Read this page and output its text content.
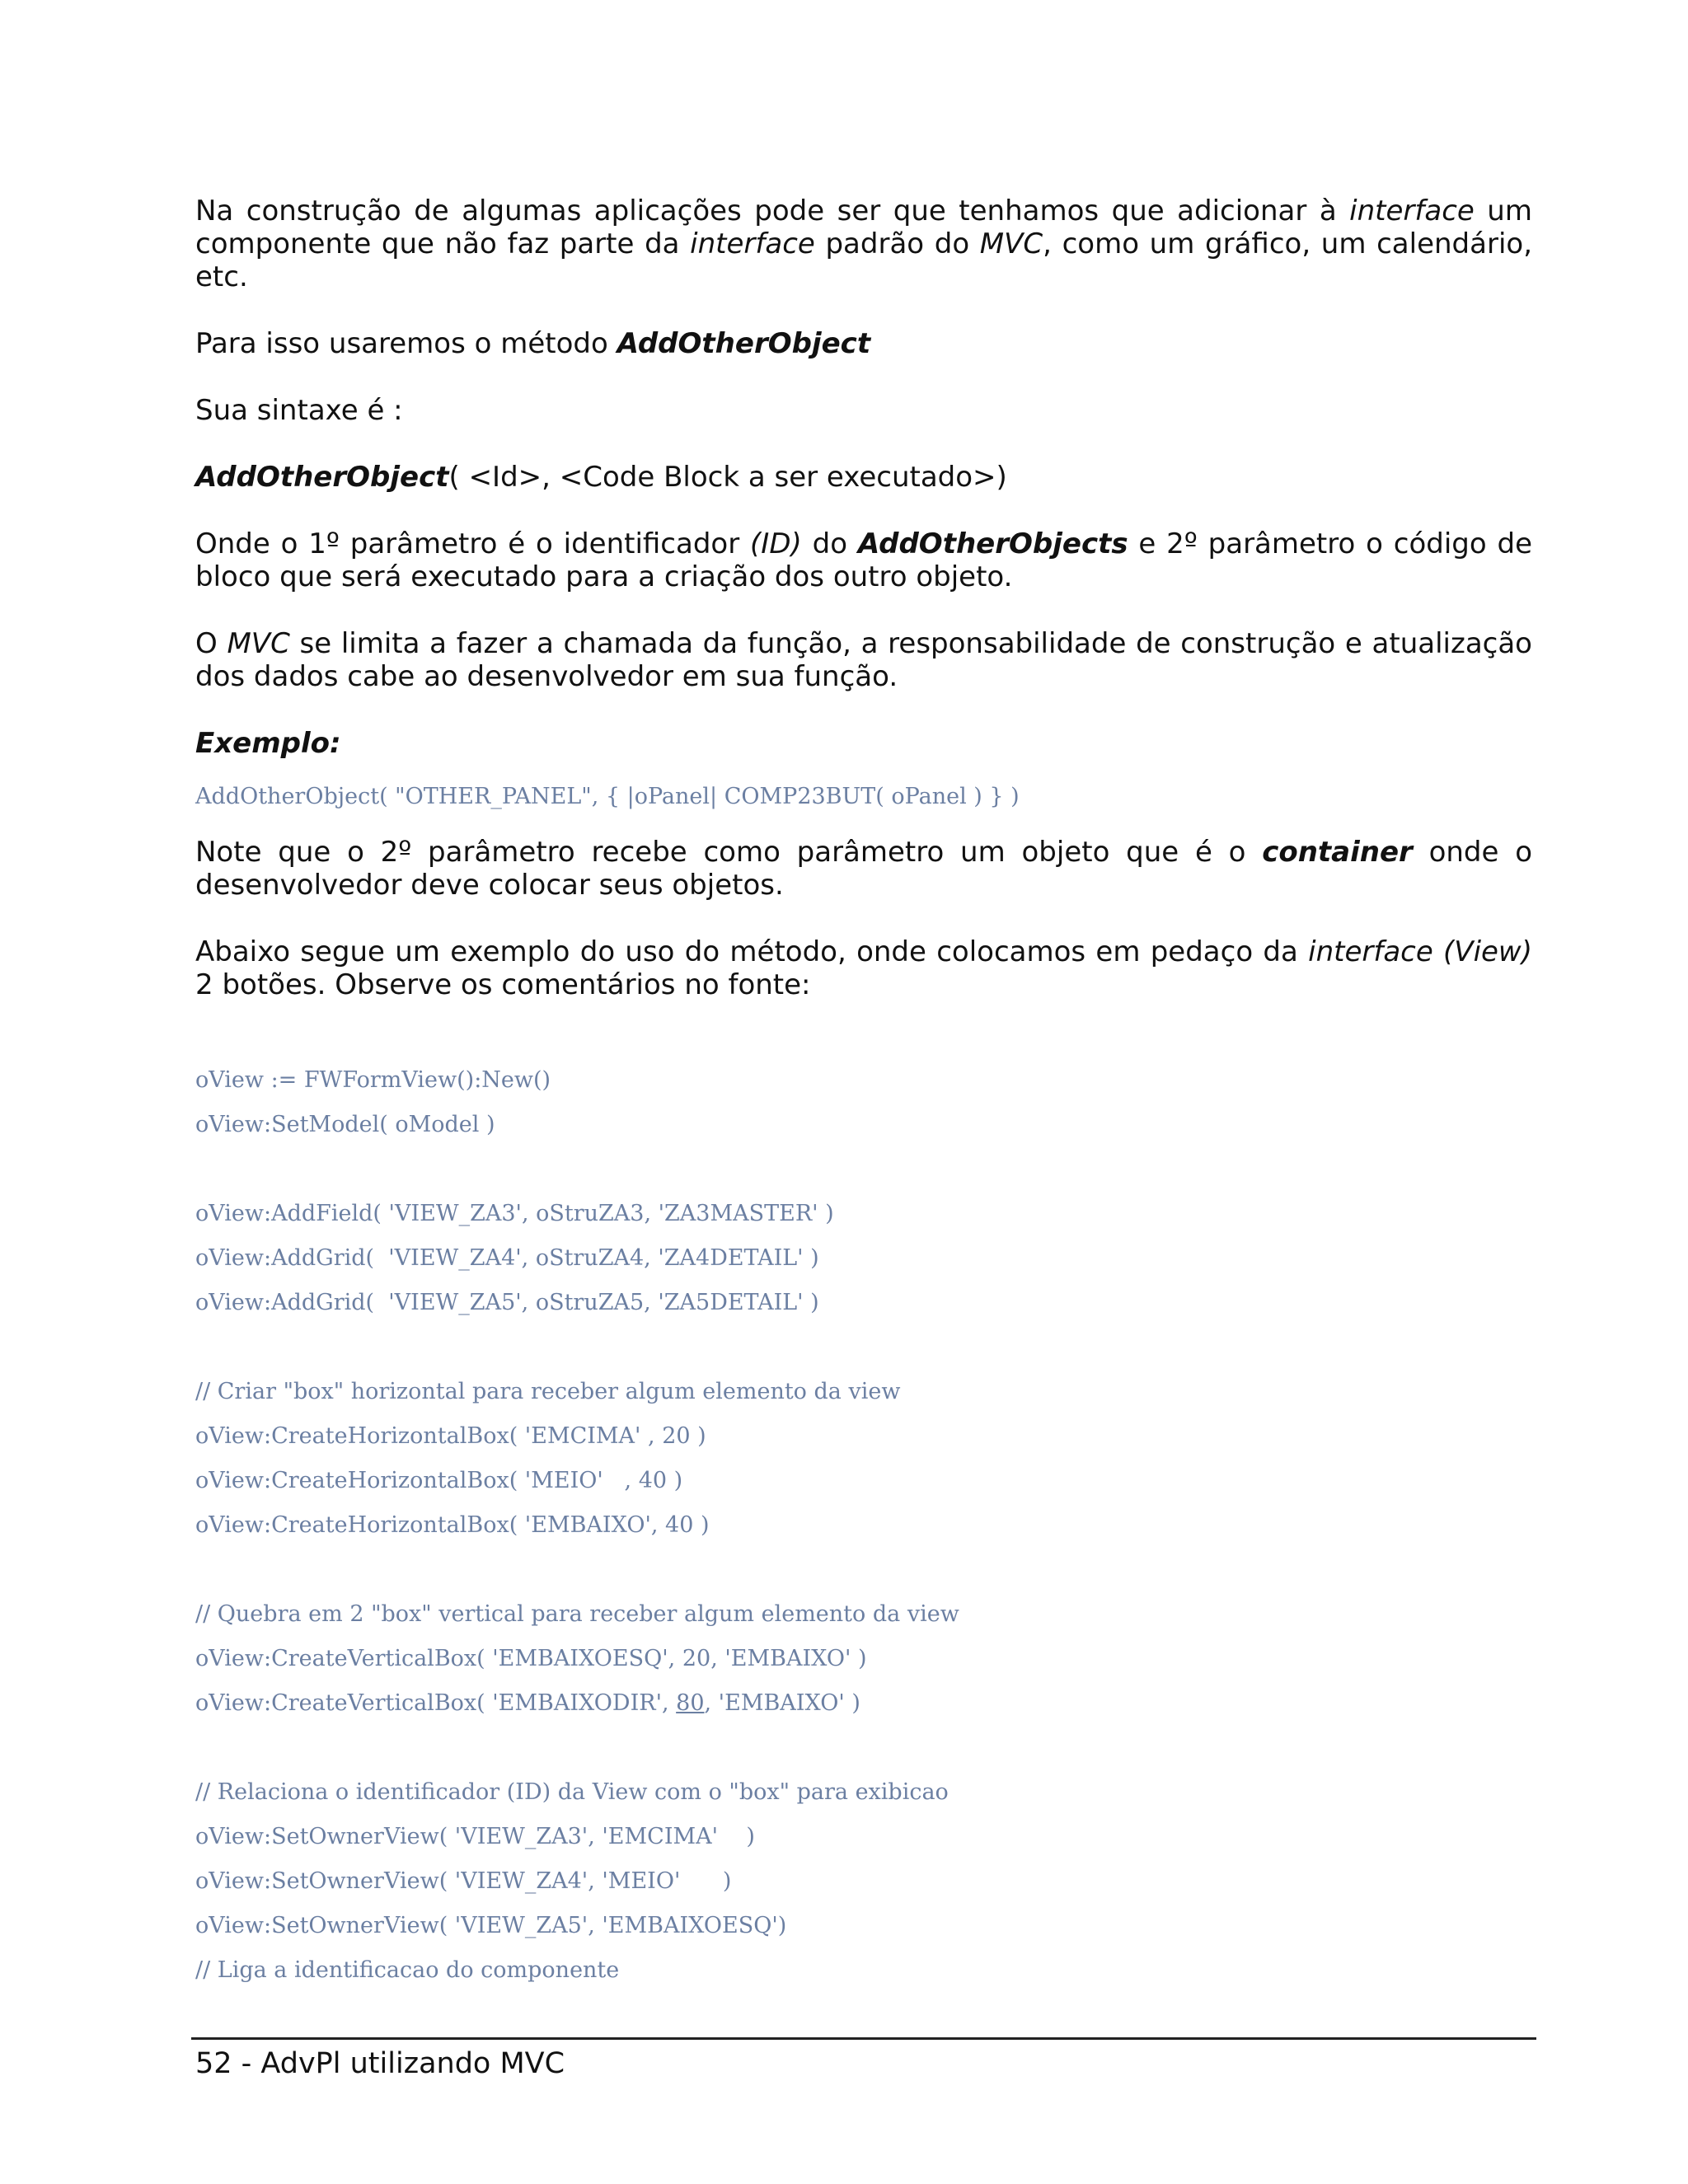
Na construção de algumas aplicações pode ser que tenhamos que adicionar à interface um componente que não faz parte da interface padrão do MVC, como um gráfico, um calendário, etc.

Para isso usaremos o método AddOtherObject

Sua sintaxe é :

AddOtherObject( <Id>, <Code Block a ser executado>)

Onde o 1º parâmetro é o identificador (ID) do AddOtherObjects e 2º parâmetro o código de bloco que será executado para a criação dos outro objeto.

O MVC se limita a fazer a chamada da função, a responsabilidade de construção e atualização dos dados cabe ao desenvolvedor em sua função.

Exemplo:

AddOtherObject( "OTHER_PANEL", { |oPanel| COMP23BUT( oPanel ) } )

Note que o 2º parâmetro recebe como parâmetro um objeto que é o container onde o desenvolvedor deve colocar seus objetos.

Abaixo segue um exemplo do uso do método, onde colocamos em pedaço da interface (View) 2 botões. Observe os comentários no fonte:

oView := FWFormView():New()
oView:SetModel( oModel )
oView:AddField( 'VIEW_ZA3', oStruZA3, 'ZA3MASTER' )
oView:AddGrid(  'VIEW_ZA4', oStruZA4, 'ZA4DETAIL' )
oView:AddGrid(  'VIEW_ZA5', oStruZA5, 'ZA5DETAIL' )
// Criar "box" horizontal para receber algum elemento da view
oView:CreateHorizontalBox( 'EMCIMA' , 20 )
oView:CreateHorizontalBox( 'MEIO'   , 40 )
oView:CreateHorizontalBox( 'EMBAIXO', 40 )
// Quebra em 2 "box" vertical para receber algum elemento da view
oView:CreateVerticalBox( 'EMBAIXOESQ', 20, 'EMBAIXO' )
oView:CreateVerticalBox( 'EMBAIXODIR', 80, 'EMBAIXO' )
// Relaciona o identificador (ID) da View com o "box" para exibicao
oView:SetOwnerView( 'VIEW_ZA3', 'EMCIMA'    )
oView:SetOwnerView( 'VIEW_ZA4', 'MEIO'      )
oView:SetOwnerView( 'VIEW_ZA5', 'EMBAIXOESQ')
// Liga a identificacao do componente

52 - AdvPl utilizando MVC
